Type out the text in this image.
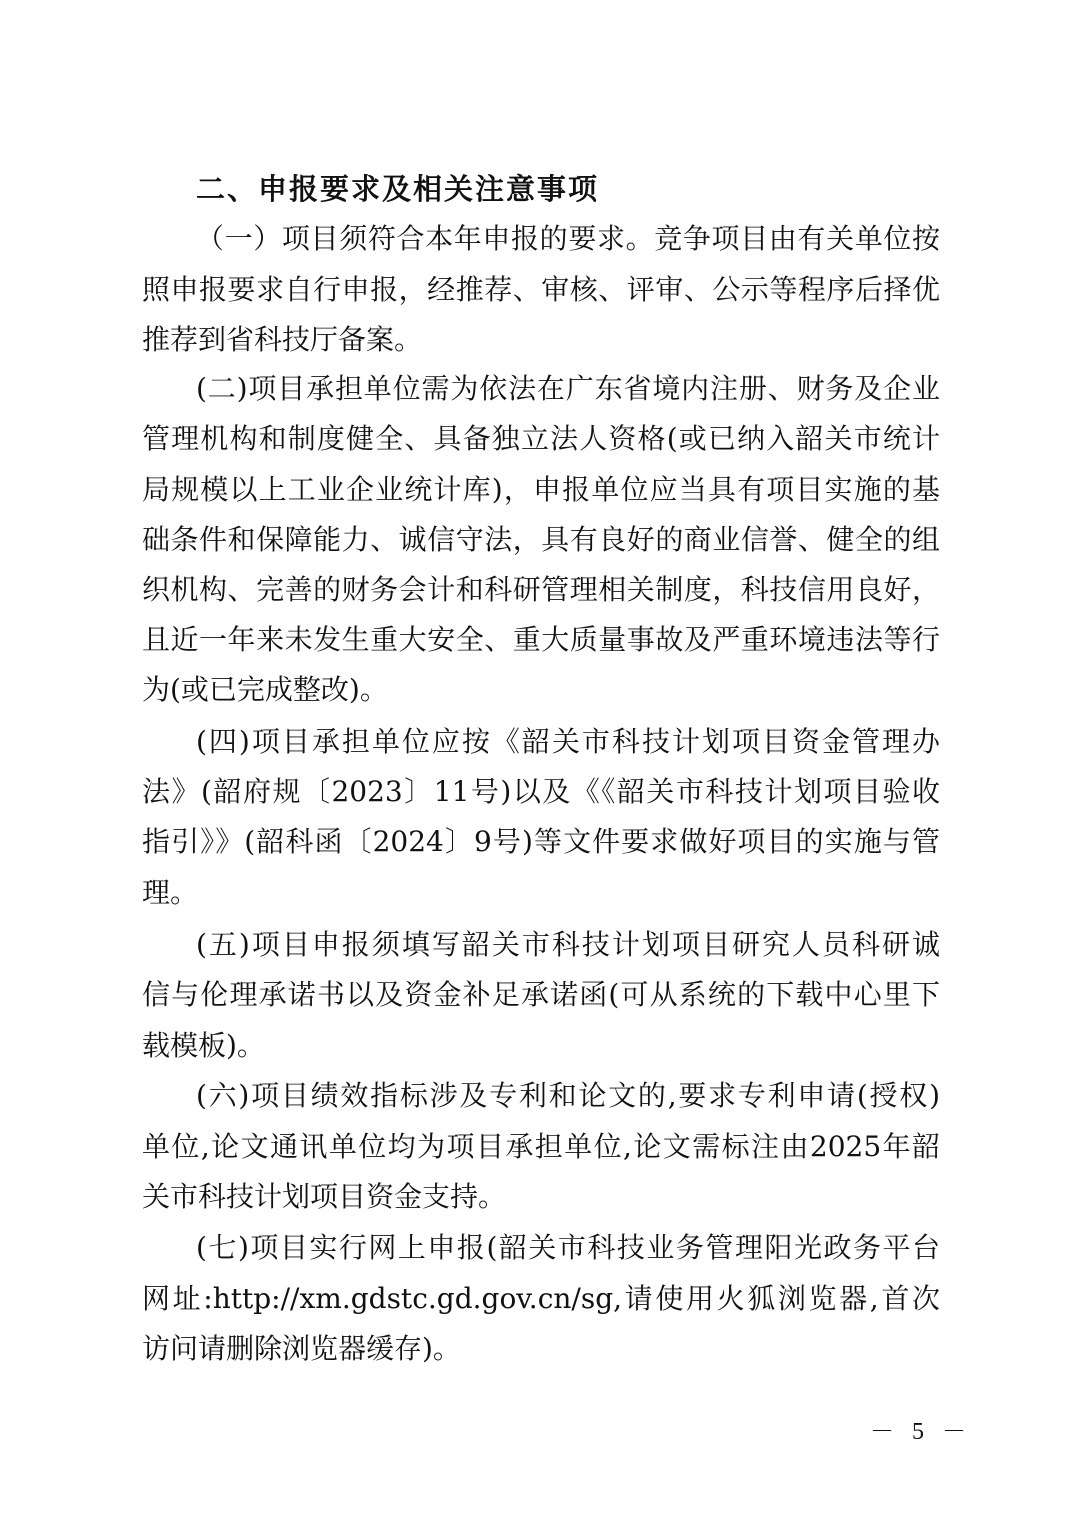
二、申报要求及相关注意事项
（一）项目须符合本年申报的要求。竞争项目由有关单位按
照申报要求自行申报，经推荐、审核、评审、公示等程序后择优
推荐到省科技厅备案。
(二)项目承担单位需为依法在广东省境内注册、财务及企业
管理机构和制度健全、具备独立法人资格(或已纳入韶关市统计
局规模以上工业企业统计库)，申报单位应当具有项目实施的基
础条件和保障能力、诚信守法，具有良好的商业信誉、健全的组
织机构、完善的财务会计和科研管理相关制度，科技信用良好，
且近一年来未发生重大安全、重大质量事故及严重环境违法等行
为(或已完成整改)。
(四)项目承担单位应按《韶关市科技计划项目资金管理办
法》(韶府规〔2023〕11号)以及《《韶关市科技计划项目验收
指引》》(韶科函〔2024〕9号)等文件要求做好项目的实施与管
理。
(五)项目申报须填写韶关市科技计划项目研究人员科研诚
信与伦理承诺书以及资金补足承诺函(可从系统的下载中心里下
载模板)。
(六)项目绩效指标涉及专利和论文的,要求专利申请(授权)
单位,论文通讯单位均为项目承担单位,论文需标注由2025年韶
关市科技计划项目资金支持。
(七)项目实行网上申报(韶关市科技业务管理阳光政务平台
网址:http://xm.gdstc.gd.gov.cn/sg,请使用火狐浏览器,首次
访问请删除浏览器缓存)。
－ 5 －
